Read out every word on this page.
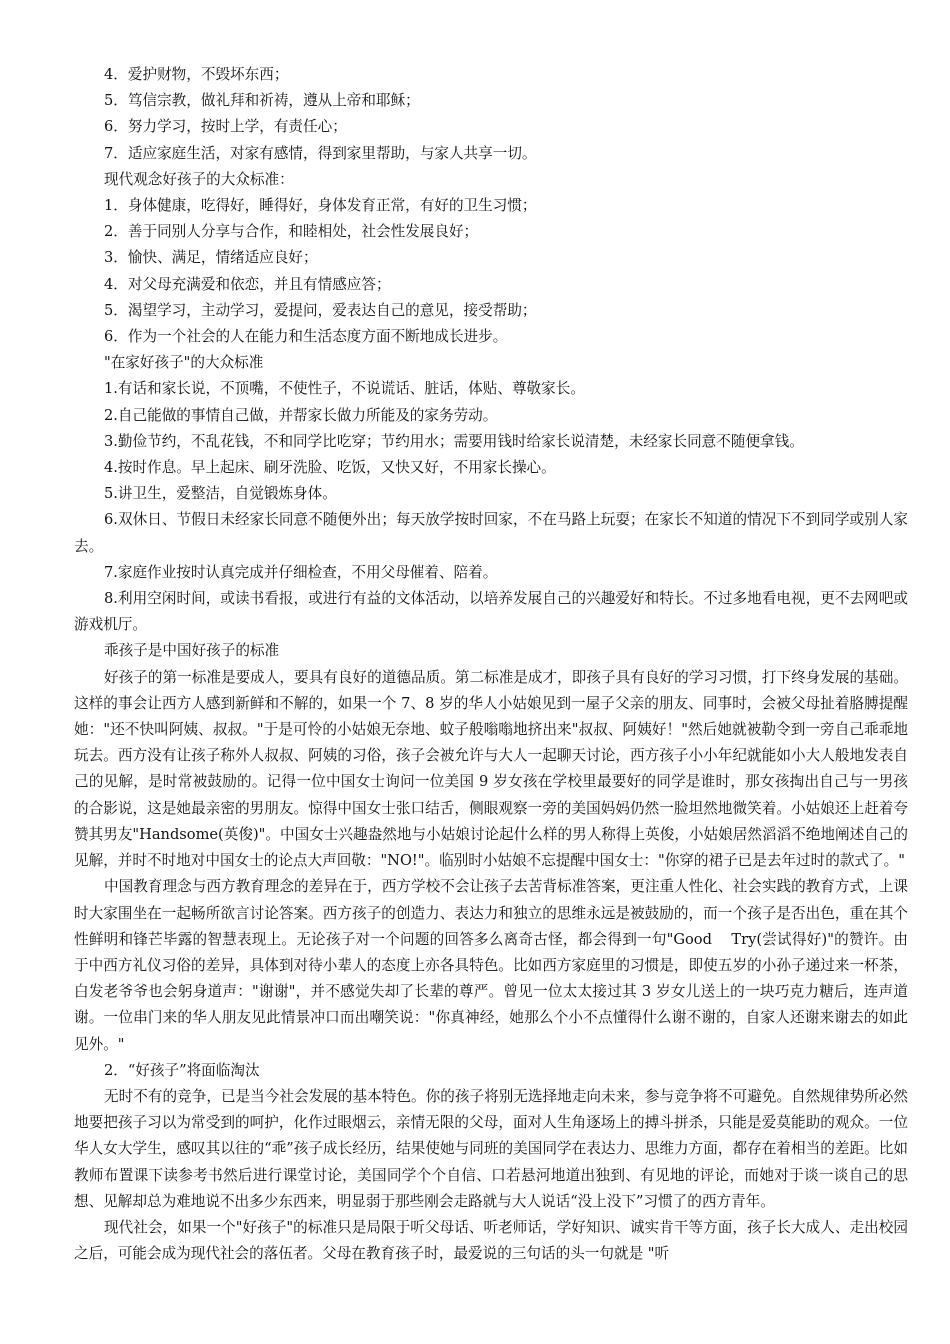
4．爱护财物，不毁坏东西；

5．笃信宗教，做礼拜和祈祷，遵从上帝和耶稣；

6．努力学习，按时上学，有责任心；

7．适应家庭生活，对家有感情，得到家里帮助，与家人共享一切。

现代观念好孩子的大众标准：

1．身体健康，吃得好，睡得好，身体发育正常，有好的卫生习惯；

2．善于同别人分享与合作，和睦相处，社会性发展良好；

3．愉快、满足，情绪适应良好；

4．对父母充满爱和依恋，并且有情感应答；

5．渴望学习，主动学习，爱提问，爱表达自己的意见，接受帮助；

6．作为一个社会的人在能力和生活态度方面不断地成长进步。

"在家好孩子"的大众标准

1.有话和家长说，不顶嘴，不使性子，不说谎话、脏话，体贴、尊敬家长。

2.自己能做的事情自己做，并帮家长做力所能及的家务劳动。

3.勤俭节约，不乱花钱，不和同学比吃穿；节约用水；需要用钱时给家长说清楚，未经家长同意不随便拿钱。

4.按时作息。早上起床、刷牙洗脸、吃饭，又快又好，不用家长操心。

5.讲卫生，爱整洁，自觉锻炼身体。

6.双休日、节假日未经家长同意不随便外出；每天放学按时回家，不在马路上玩耍；在家长不知道的情况下不到同学或别人家去。

7.家庭作业按时认真完成并仔细检查，不用父母催着、陪着。

8.利用空闲时间，或读书看报，或进行有益的文体活动，以培养发展自己的兴趣爱好和特长。不过多地看电视，更不去网吧或游戏机厅。

乖孩子是中国好孩子的标准

好孩子的第一标准是要成人，要具有良好的道德品质。第二标准是成才，即孩子具有良好的学习习惯，打下终身发展的基础。这样的事会让西方人感到新鲜和不解的，如果一个 7、8 岁的华人小姑娘见到一屋子父亲的朋友、同事时，会被父母扯着胳膊提醒她："还不快叫阿姨、叔叔。"于是可怜的小姑娘无奈地、蚊子般嗡嗡地挤出来"叔叔、阿姨好！"然后她就被勒令到一旁自己乖乖地玩去。西方没有让孩子称外人叔叔、阿姨的习俗，孩子会被允许与大人一起聊天讨论，西方孩子小小年纪就能如小大人般地发表自己的见解，是时常被鼓励的。记得一位中国女士询问一位美国 9 岁女孩在学校里最要好的同学是谁时，那女孩掏出自己与一男孩的合影说，这是她最亲密的男朋友。惊得中国女士张口结舌，侧眼观察一旁的美国妈妈仍然一脸坦然地微笑着。小姑娘还上赶着夸赞其男友"Handsome(英俊)"。中国女士兴趣盎然地与小姑娘讨论起什么样的男人称得上英俊，小姑娘居然滔滔不绝地阐述自己的见解，并时不时地对中国女士的论点大声回敬："NO!"。临别时小姑娘不忘提醒中国女士："你穿的裙子已是去年过时的款式了。"

中国教育理念与西方教育理念的差异在于，西方学校不会让孩子去苦背标准答案，更注重人性化、社会实践的教育方式，上课时大家围坐在一起畅所欲言讨论答案。西方孩子的创造力、表达力和独立的思维永远是被鼓励的，而一个孩子是否出色，重在其个性鲜明和锋芒毕露的智慧表现上。无论孩子对一个问题的回答多么离奇古怪，都会得到一句"Good    Try(尝试得好)"的赞许。由于中西方礼仪习俗的差异，具体到对待小辈人的态度上亦各具特色。比如西方家庭里的习惯是，即使五岁的小孙子递过来一杯茶，白发老爷爷也会躬身道声："谢谢"，并不感觉失却了长辈的尊严。曾见一位太太接过其 3 岁女儿送上的一块巧克力糖后，连声道谢。一位串门来的华人朋友见此情景冲口而出嘲笑说："你真神经，她那么个小不点懂得什么谢不谢的，自家人还谢来谢去的如此见外。"

2．“好孩子”将面临淘汰

无时不有的竞争，已是当今社会发展的基本特色。你的孩子将别无选择地走向未来，参与竞争将不可避免。自然规律势所必然地要把孩子习以为常受到的呵护，化作过眼烟云，亲情无限的父母，面对人生角逐场上的搏斗拼杀，只能是爱莫能助的观众。一位华人女大学生，感叹其以往的“乖”孩子成长经历，结果使她与同班的美国同学在表达力、思维力方面，都存在着相当的差距。比如教师布置课下读参考书然后进行课堂讨论，美国同学个个自信、口若悬河地道出独到、有见地的评论，而她对于谈一谈自己的思想、见解却总为难地说不出多少东西来，明显弱于那些刚会走路就与大人说话“没上没下”习惯了的西方青年。

现代社会，如果一个"好孩子"的标准只是局限于听父母话、听老师话，学好知识、诚实肯干等方面，孩子长大成人、走出校园之后，可能会成为现代社会的落伍者。父母在教育孩子时，最爱说的三句话的头一句就是 "听
